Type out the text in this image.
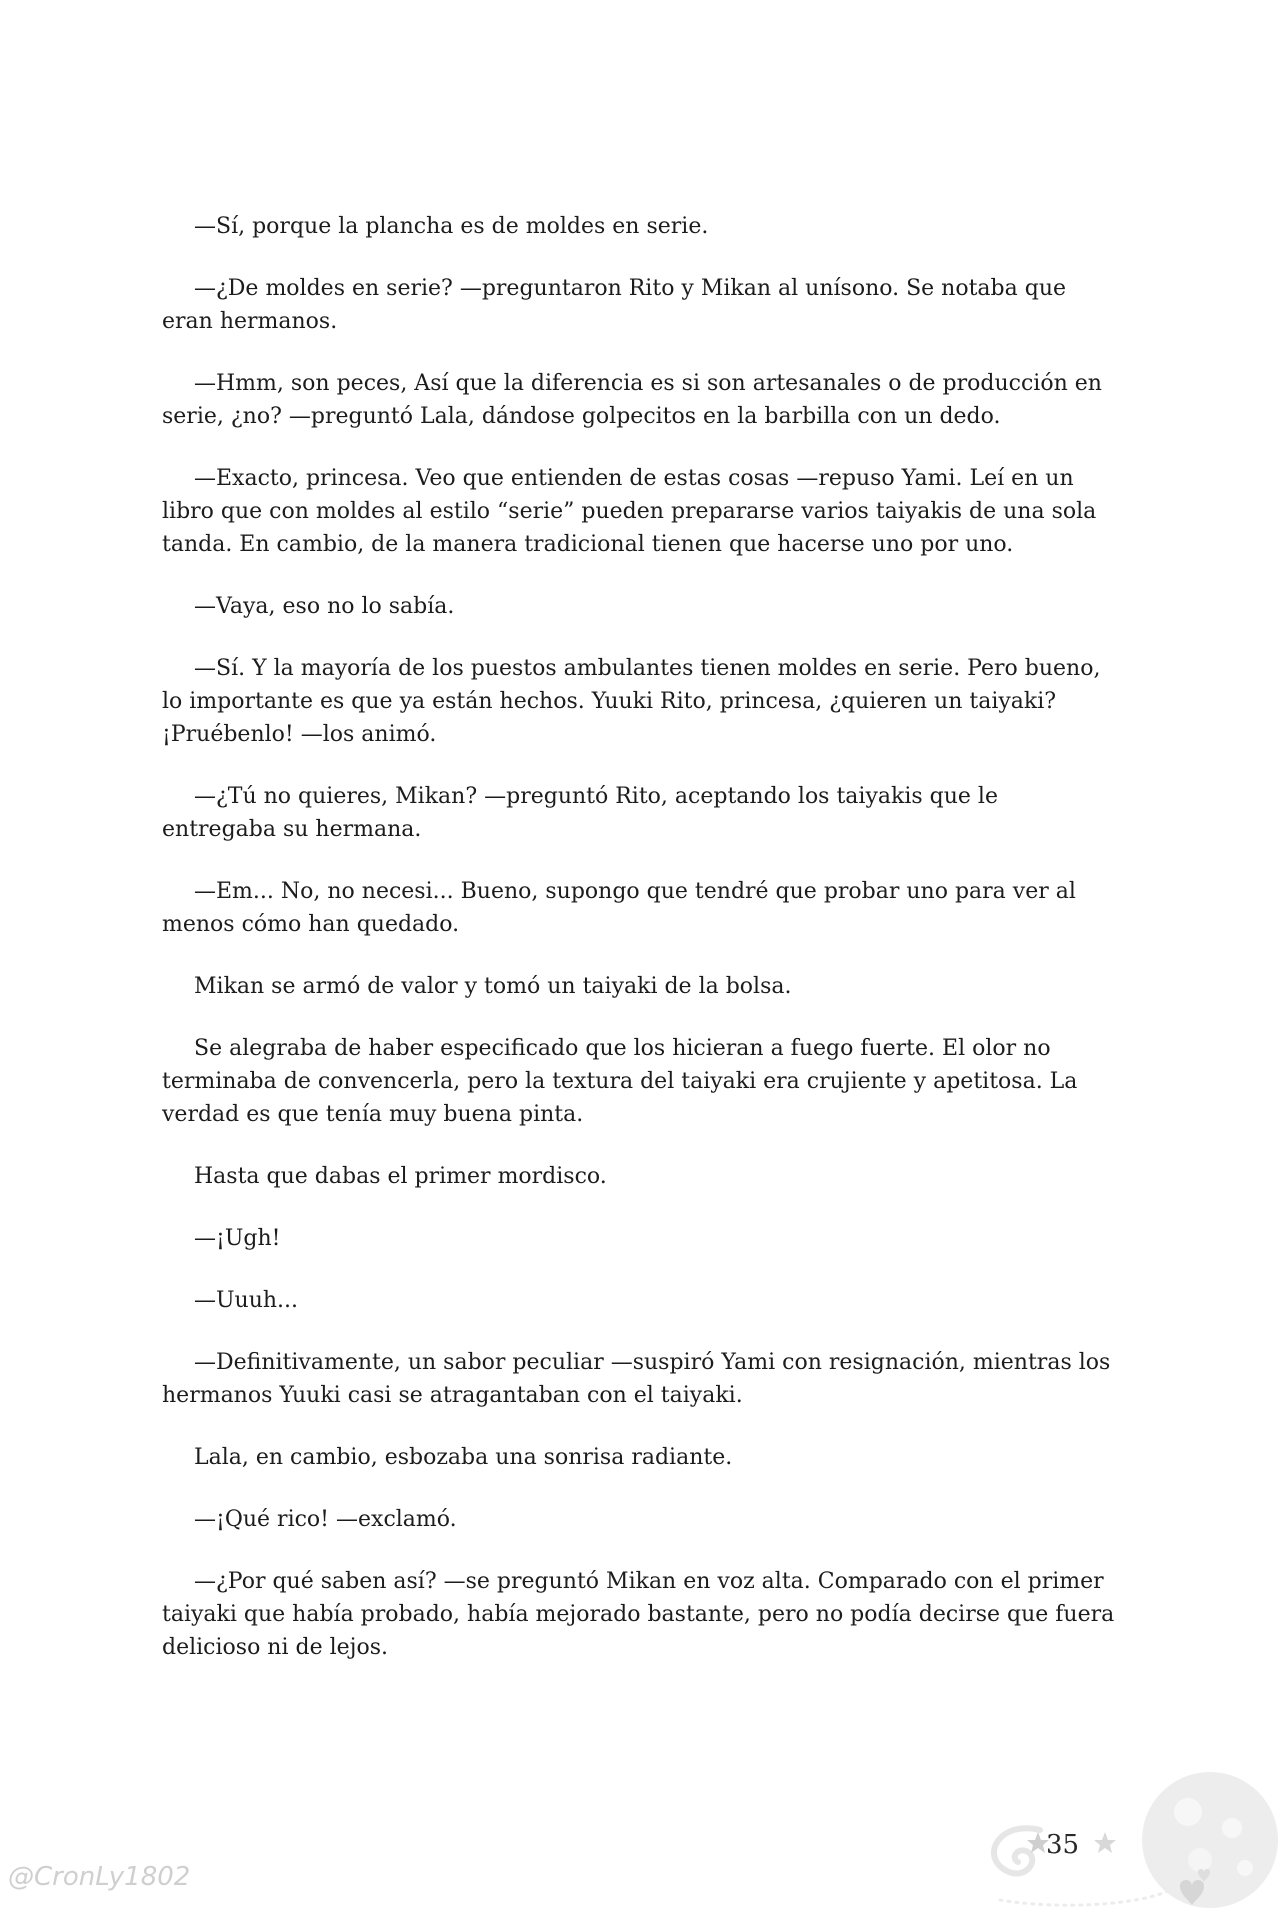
—Sí, porque la plancha es de moldes en serie.

—¿De moldes en serie? —preguntaron Rito y Mikan al unísono. Se notaba que eran hermanos.

—Hmm, son peces, Así que la diferencia es si son artesanales o de producción en serie, ¿no? —preguntó Lala, dándose golpecitos en la barbilla con un dedo.

—Exacto, princesa. Veo que entienden de estas cosas —repuso Yami. Leí en un libro que con moldes al estilo “serie” pueden prepararse varios taiyakis de una sola tanda. En cambio, de la manera tradicional tienen que hacerse uno por uno.

—Vaya, eso no lo sabía.

—Sí. Y la mayoría de los puestos ambulantes tienen moldes en serie. Pero bueno, lo importante es que ya están hechos. Yuuki Rito, princesa, ¿quieren un taiyaki?¡Pruébenlo! —los animó.

—¿Tú no quieres, Mikan? —preguntó Rito, aceptando los taiyakis que le entregaba su hermana.

—Em... No, no necesi... Bueno, supongo que tendré que probar uno para ver al menos cómo han quedado.

Mikan se armó de valor y tomó un taiyaki de la bolsa.

Se alegraba de haber especificado que los hicieran a fuego fuerte. El olor no terminaba de convencerla, pero la textura del taiyaki era crujiente y apetitosa. La verdad es que tenía muy buena pinta.

Hasta que dabas el primer mordisco.

—¡Ugh!

—Uuuh...

—Definitivamente, un sabor peculiar —suspiró Yami con resignación, mientras los hermanos Yuuki casi se atragantaban con el taiyaki.

Lala, en cambio, esbozaba una sonrisa radiante.

—¡Qué rico! —exclamó.

—¿Por qué saben así? —se preguntó Mikan en voz alta. Comparado con el primer taiyaki que había probado, había mejorado bastante, pero no podía decirse que fuera delicioso ni de lejos.

35
@CronLy1802
